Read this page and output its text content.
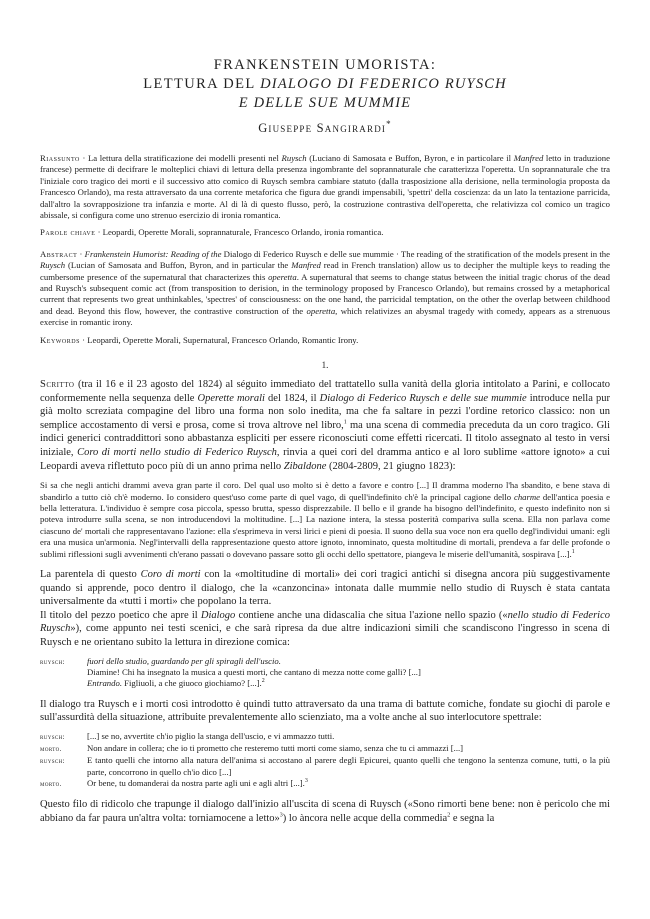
FRANKENSTEIN UMORISTA:
LETTURA DEL DIALOGO DI FEDERICO RUYSCH
E DELLE SUE MUMMIE
Giuseppe Sangirardi*

Riassunto · La lettura della stratificazione dei modelli presenti nel Ruysch (Luciano di Samosata e Buffon, Byron, e in particolare il Manfred letto in traduzione francese) permette di decifrare le molteplici chiavi di lettura della presenza ingombrante del soprannaturale che caratterizza l'operetta. Un soprannaturale che tra l'iniziale coro tragico dei morti e il successivo atto comico di Ruysch sembra cambiare statuto (dalla trasposizione alla derisione, nella terminologia proposta da Francesco Orlando), ma resta attraversato da una corrente metaforica che figura due grandi impensabili, 'spettri' della coscienza: da un lato la tentazione parricida, dall'altro la sovrapposizione tra infanzia e morte. Al di là di questo flusso, però, la costruzione contrastiva dell'operetta, che relativizza col comico un tragico abissale, si configura come uno strenuo esercizio di ironia romantica.

Parole chiave · Leopardi, Operette Morali, soprannaturale, Francesco Orlando, ironia romantica.

Abstract · Frankenstein Humorist: Reading of the Dialogo di Federico Ruysch e delle sue mummie · The reading of the stratification of the models present in the Ruysch (Lucian of Samosata and Buffon, Byron, and in particular the Manfred read in French translation) allow us to decipher the multiple keys to reading the cumbersome presence of the supernatural that characterizes this operetta. A supernatural that seems to change status between the initial tragic chorus of the dead and Ruysch's subsequent comic act (from transposition to derision, in the terminology proposed by Francesco Orlando), but remains crossed by a metaphorical current that represents two great unthinkables, 'spectres' of consciousness: on the one hand, the parricidal temptation, on the other the overlap between childhood and dead. Beyond this flow, however, the contrastive construction of the operetta, which relativizes an abysmal tragedy with comedy, appears as a strenuous exercise in romantic irony.

Keywords · Leopardi, Operette Morali, Supernatural, Francesco Orlando, Romantic Irony.

1.

Scritto (tra il 16 e il 23 agosto del 1824) al séguito immediato del trattatello sulla vanità della gloria intitolato a Parini, e collocato conformemente nella sequenza delle Operette morali del 1824, il Dialogo di Federico Ruysch e delle sue mummie introduce nella pur già molto screziata compagine del libro una forma non solo inedita, ma che fa saltare in pezzi l'ordine retorico classico: non un semplice accostamento di versi e prosa, come si trova altrove nel libro,$^1$ ma una scena di commedia preceduta da un coro tragico. Gli indici generici contraddittori sono abbastanza espliciti per essere riconosciuti come effetti ricercati. Il titolo assegnato al testo in versi iniziale, Coro di morti nello studio di Federico Ruysch, rinvia a quei cori del dramma antico e al loro sublime «attore ignoto» a cui Leopardi aveva riflettuto poco più di un anno prima nello Zibaldone (2804-2809, 21 giugno 1823):

Si sa che negli antichi drammi aveva gran parte il coro. Del qual uso molto si è detto a favore e contro [...] Il dramma moderno l'ha sbandito, e bene stava di sbandirlo a tutto ciò ch'è moderno. Io considero quest'uso come parte di quel vago, di quell'indefinito ch'è la principal cagione dello charme dell'antica poesia e bella letteratura. L'individuo è sempre cosa piccola, spesso brutta, spesso disprezzabile. Il bello e il grande ha bisogno dell'indefinito, e questo indefinito non si poteva introdurre sulla scena, se non introducendovi la moltitudine. [...] La nazione intera, la stessa posterità compariva sulla scena. Ella non parlava come ciascuno de' mortali che rappresentavano l'azione: ella s'esprimeva in versi lirici e pieni di poesia. Il suono della sua voce non era quello degl'individui umani: egli era una musica un'armonia. Negl'intervalli della rappresentazione questo attore ignoto, innominato, questa moltitudine di mortali, prendeva a far delle profonde o sublimi riflessioni sugli avvenimenti ch'erano passati o dovevano passare sotto gli occhi dello spettatore, piangeva le miserie dell'umanità, sospirava [...].$^1$

La parentela di questo Coro di morti con la «moltitudine di mortali» dei cori tragici antichi si disegna ancora più suggestivamente quando si apprende, poco dentro il dialogo, che la «canzoncina» intonata dalle mummie nello studio di Ruysch è stata cantata universalmente da «tutti i morti» che popolano la terra.

Il titolo del pezzo poetico che apre il Dialogo contiene anche una didascalia che situa l'azione nello spazio («nello studio di Federico Ruysch»), come appunto nei testi scenici, e che sarà ripresa da due altre indicazioni simili che scandiscono l'ingresso in scena di Ruysch e ne orientano subito la lettura in direzione comica:

ruysch:	fuori dello studio, guardando per gli spiragli dell'uscio.
Diamine! Chi ha insegnato la musica a questi morti, che cantano di mezza notte come galli? [...]
Entrando. Figliuoli, a che giuoco giochiamo? [...].$^2$

Il dialogo tra Ruysch e i morti così introdotto è quindi tutto attraversato da una trama di battute comiche, fondate su giochi di parole e sull'assurdità della situazione, attribuite prevalentemente allo scienziato, ma a volte anche al suo interlocutore spettrale:

ruysch:	[...] se no, avvertite ch'io piglio la stanga dell'uscio, e vi ammazzo tutti.
morto.	Non andare in collera; che io ti prometto che resteremo tutti morti come siamo, senza che tu ci ammazzi [...]
ruysch:	E tanto quelli che intorno alla natura dell'anima si accostano al parere degli Epicurei, quanto quelli che tengono la sentenza comune, tutti, o la più parte, concorrono in quello ch'io dico [...]
morto.	Or bene, tu domanderai da nostra parte agli uni e agli altri [...].$^3$

Questo filo di ridicolo che trapunge il dialogo dall'inizio all'uscita di scena di Ruysch («Sono rimorti bene bene: non è pericolo che mi abbiano da far paura un'altra volta: torniamocene a letto»$^3$) lo àncora nelle acque della commedia$^2$ e segna la
